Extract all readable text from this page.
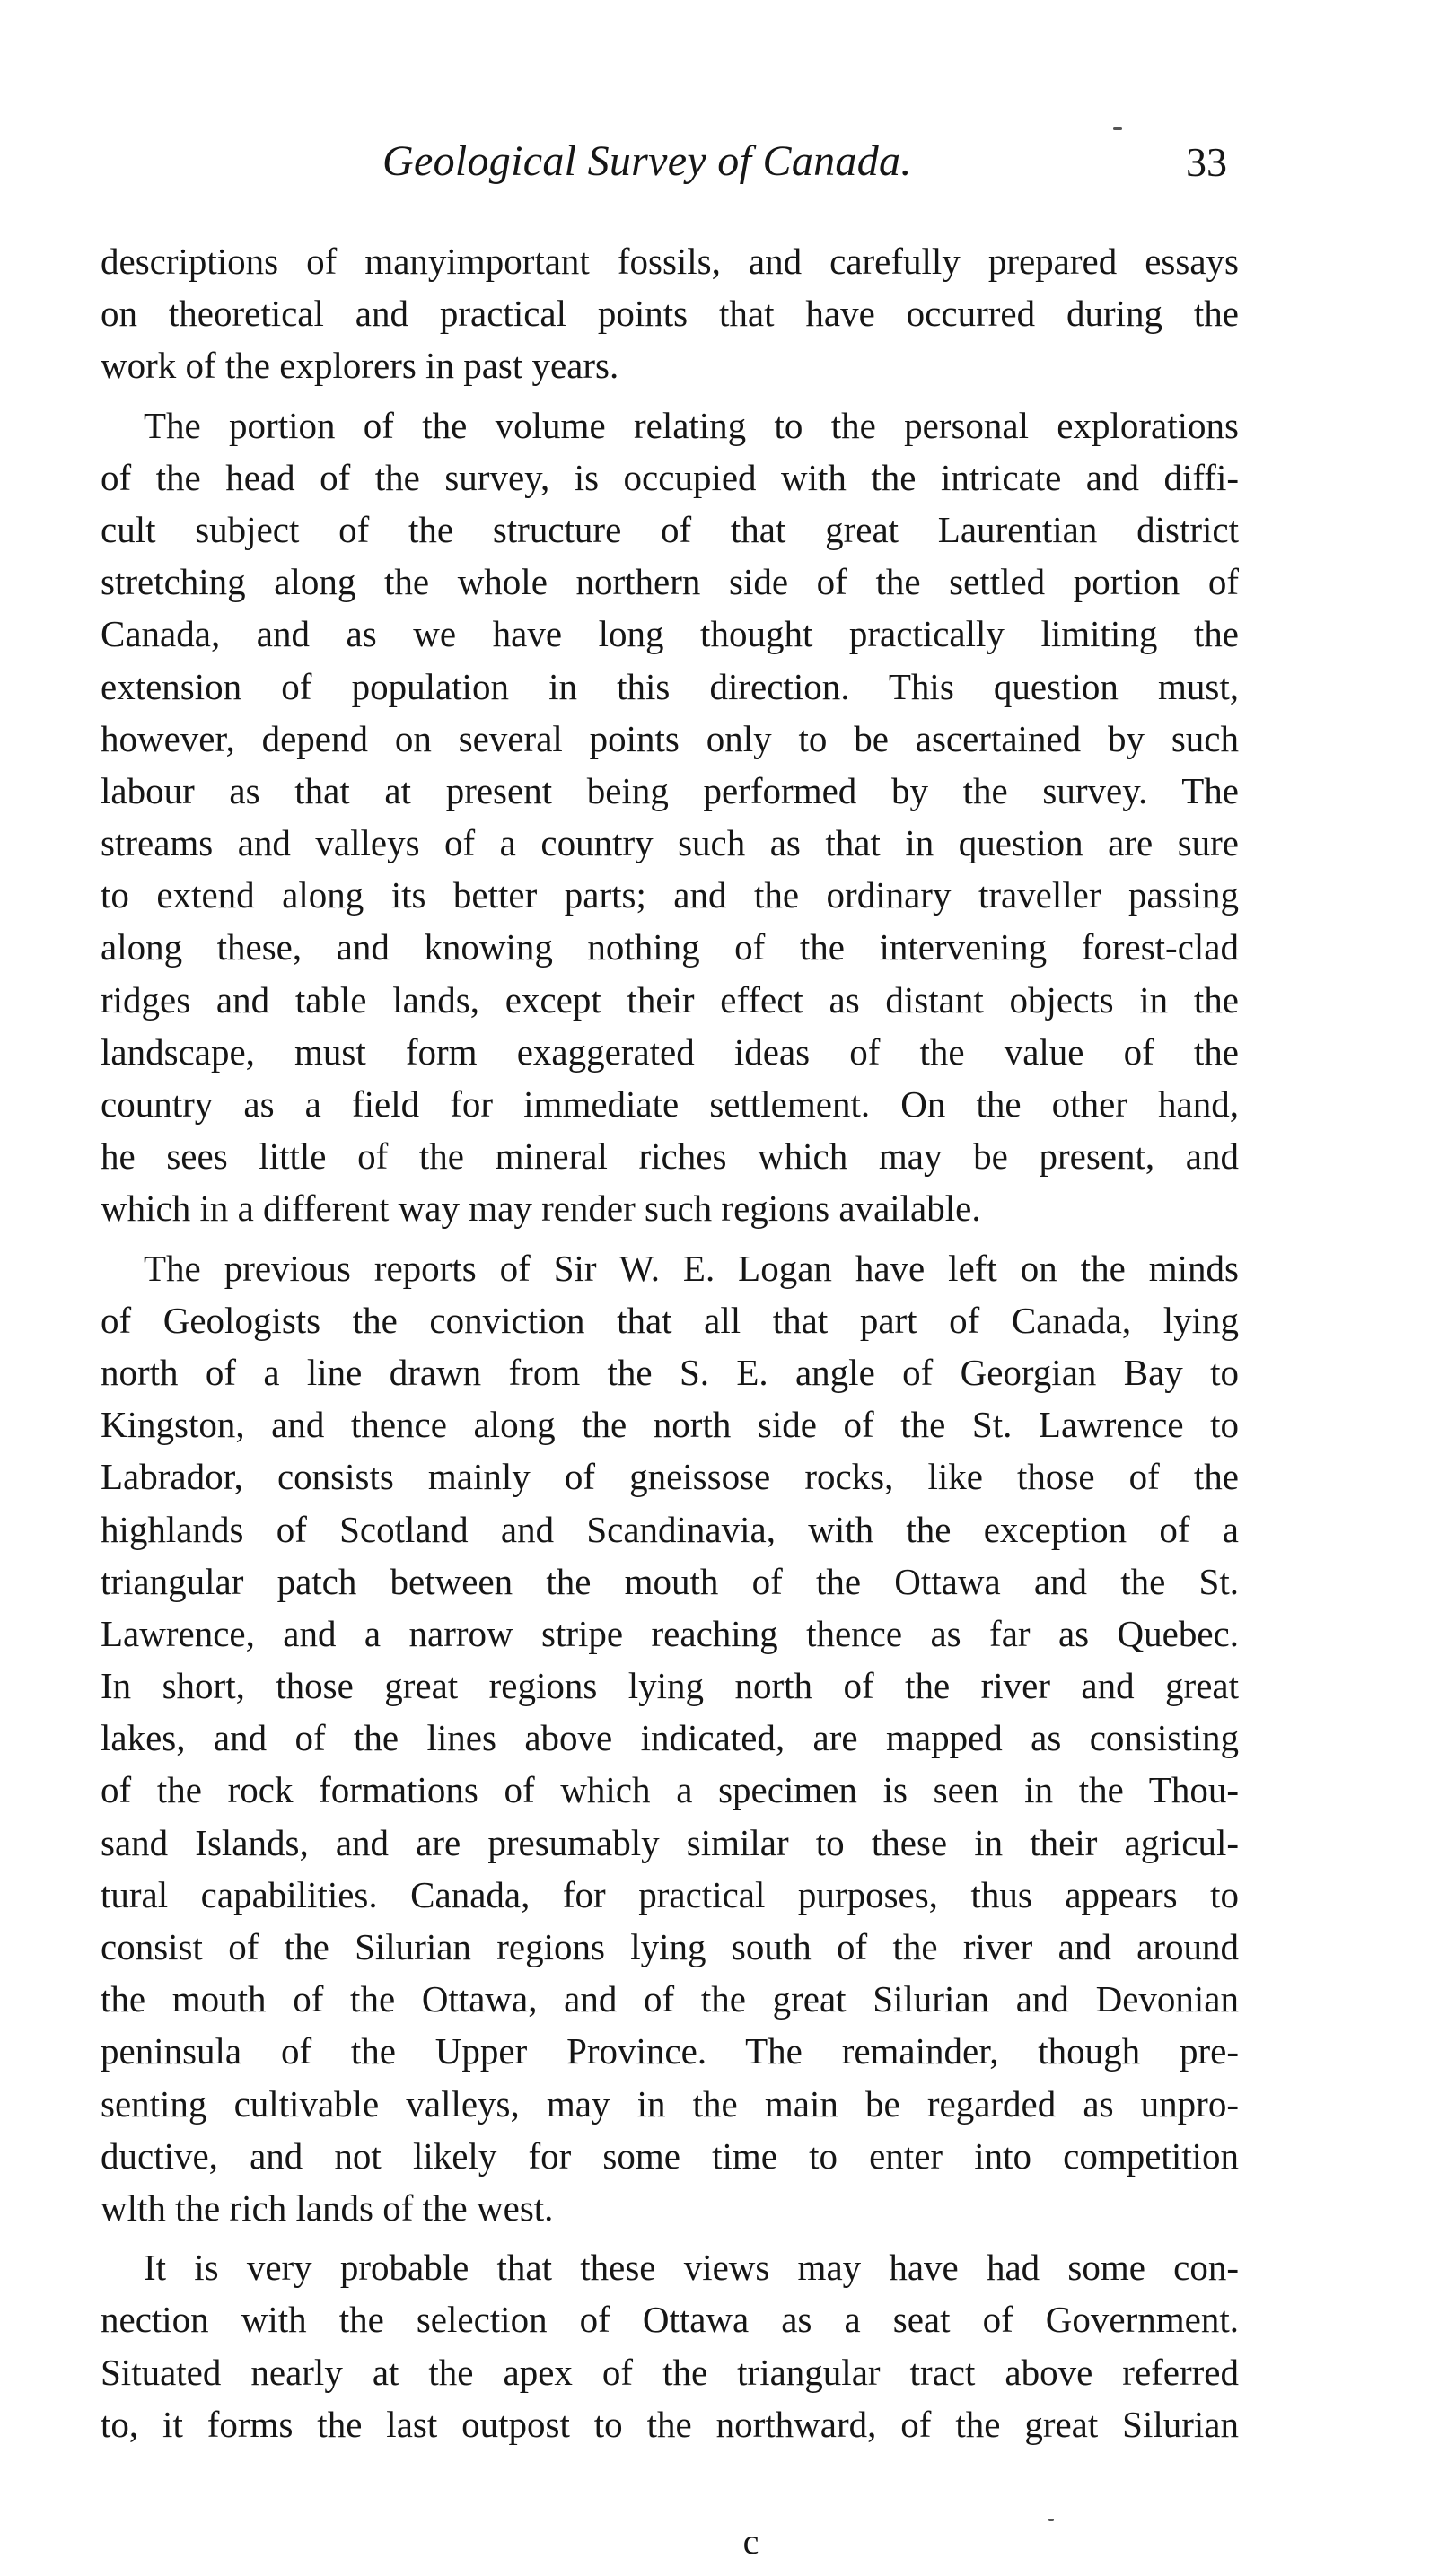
Geological Survey of Canada.	33
descriptions of manyimportant fossils, and carefully prepared essays
on theoretical and practical points that have occurred during the
work of the explorers in past years.
The portion of the volume relating to the personal explorations
of the head of the survey, is occupied with the intricate and diffi-
cult subject of the structure of that great Laurentian district
stretching along the whole northern side of the settled portion of
Canada, and as we have long thought practically limiting the
extension of population in this direction. This question must,
however, depend on several points only to be ascertained by such
labour as that at present being performed by the survey. The
streams and valleys of a country such as that in question are sure
to extend along its better parts; and the ordinary traveller passing
along these, and knowing nothing of the intervening forest-clad
ridges and table lands, except their effect as distant objects in the
landscape, must form exaggerated ideas of the value of the
country as a field for immediate settlement. On the other hand,
he sees little of the mineral riches which may be present, and
which in a different way may render such regions available.
The previous reports of Sir W. E. Logan have left on the minds
of Geologists the conviction that all that part of Canada, lying
north of a line drawn from the S. E. angle of Georgian Bay to
Kingston, and thence along the north side of the St. Lawrence to
Labrador, consists mainly of gneissose rocks, like those of the
highlands of Scotland and Scandinavia, with the exception of a
triangular patch between the mouth of the Ottawa and the St.
Lawrence, and a narrow stripe reaching thence as far as Quebec.
In short, those great regions lying north of the river and great
lakes, and of the lines above indicated, are mapped as consisting
of the rock formations of which a specimen is seen in the Thou-
sand Islands, and are presumably similar to these in their agricul-
tural capabilities. Canada, for practical purposes, thus appears to
consist of the Silurian regions lying south of the river and around
the mouth of the Ottawa, and of the great Silurian and Devonian
peninsula of the Upper Province. The remainder, though pre-
senting cultivable valleys, may in the main be regarded as unpro-
ductive, and not likely for some time to enter into competition
wlth the rich lands of the west.
It is very probable that these views may have had some con-
nection with the selection of Ottawa as a seat of Government.
Situated nearly at the apex of the triangular tract above referred
to, it forms the last outpost to the northward, of the great Silurian
c
